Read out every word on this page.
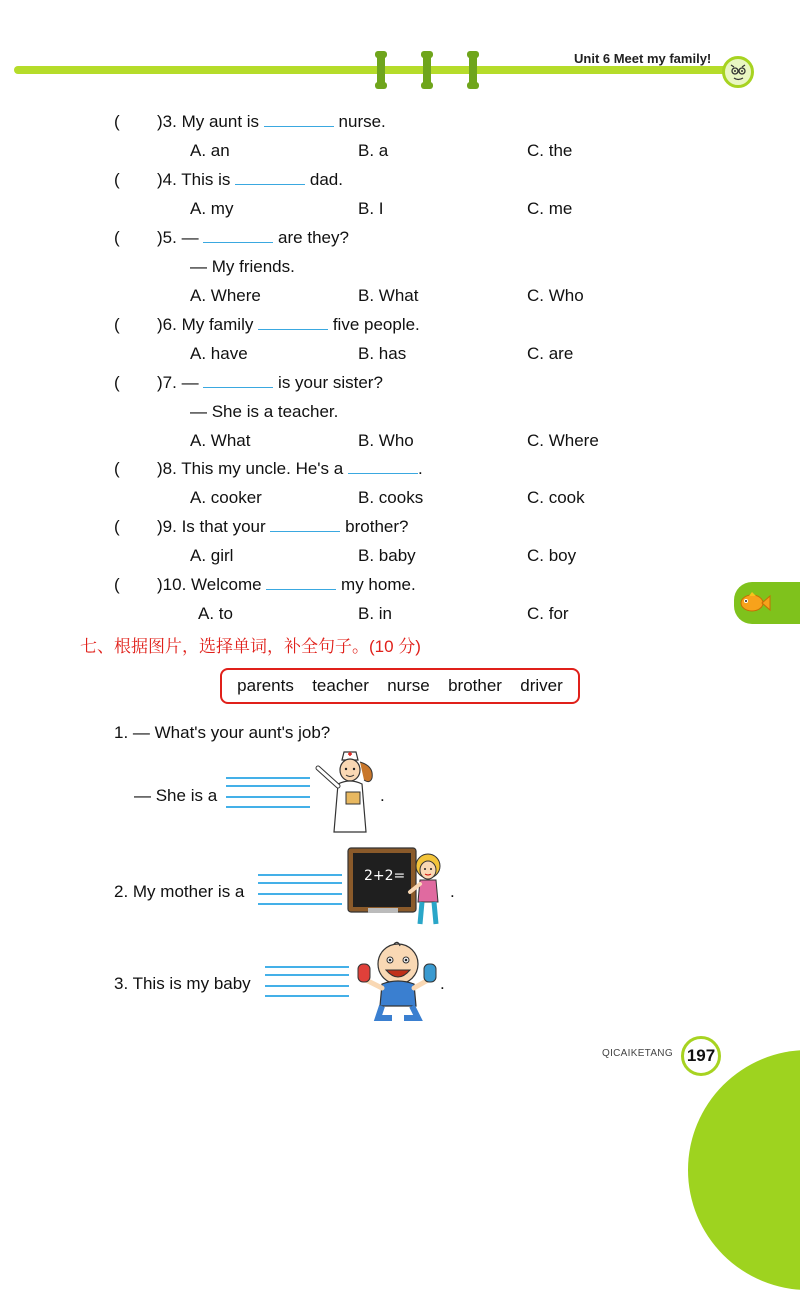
Unit 6 Meet my family!
( )3. My aunt is	nurse.
A. an	B. a	C. the
( )4. This is	dad.
A. my	B. I	C. me
( )5. —	are they?
— My friends.
A. Where	B. What	C. Who
( )6. My family	five people.
A. have	B. has	C. are
( )7. —	is your sister?
— She is a teacher.
A. What	B. Who	C. Where
( )8. This my uncle. He's a	.
A. cooker	B. cooks	C. cook
( )9. Is that your	brother?
A. girl	B. baby	C. boy
( )10. Welcome	my home.
A. to	B. in	C. for
七、根据图片，选择单词，补全句子。(10 分)
parents teacher nurse brother driver
1. — What's your aunt's job?
— She is a	.
2. My mother is a	.
2+2=
3. This is my baby	.
QICAIKETANG 197
